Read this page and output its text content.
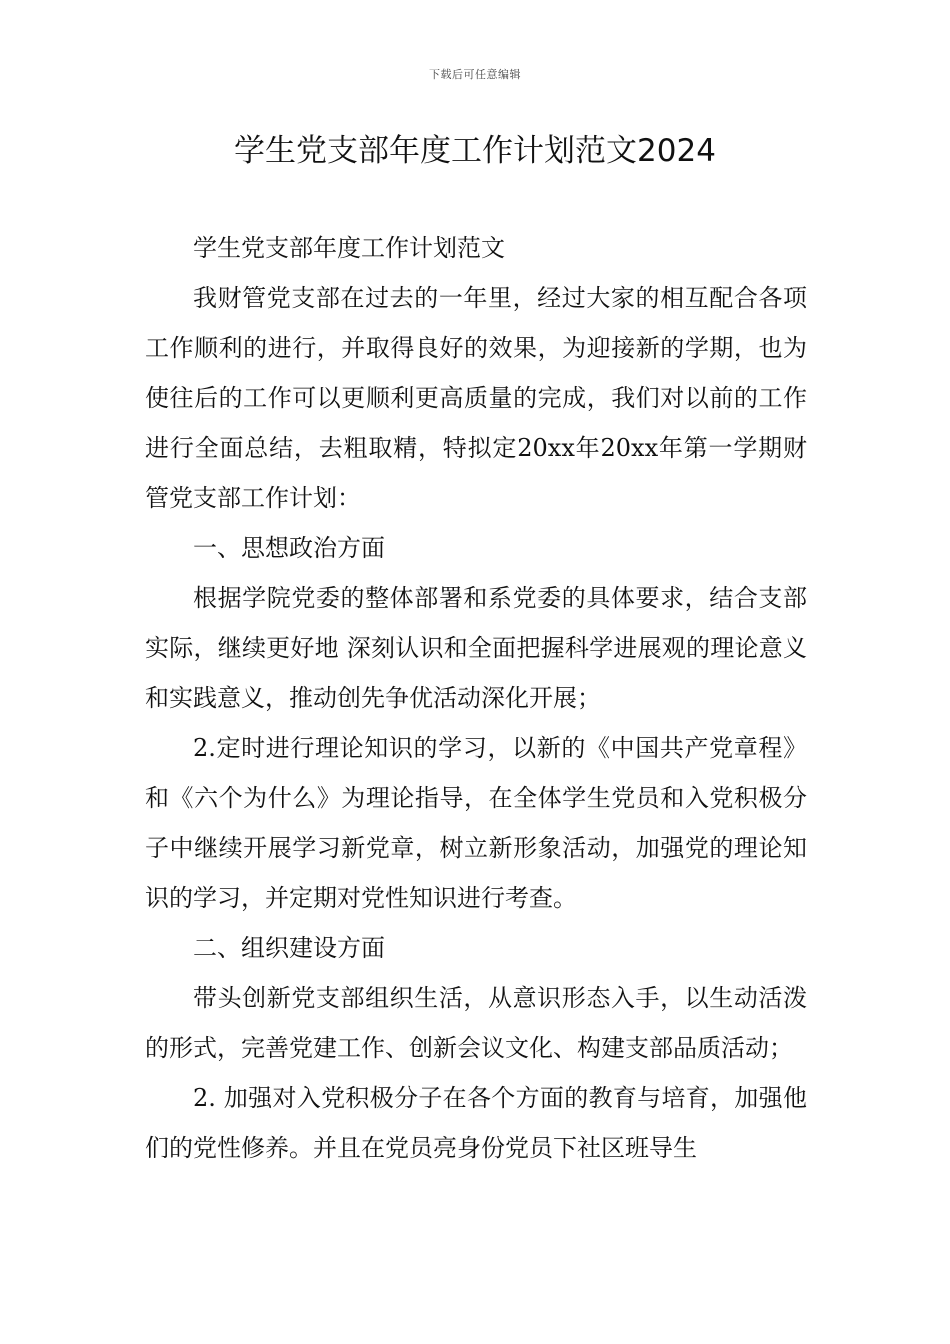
下载后可任意编辑
学生党支部年度工作计划范文2024

学生党支部年度工作计划范文

我财管党支部在过去的一年里，经过大家的相互配合各项工作顺利的进行，并取得良好的效果，为迎接新的学期，也为使往后的工作可以更顺利更高质量的完成，我们对以前的工作进行全面总结，去粗取精，特拟定20xx年20xx年第一学期财管党支部工作计划：

一、思想政治方面

根据学院党委的整体部署和系党委的具体要求，结合支部实际，继续更好地 深刻认识和全面把握科学进展观的理论意义和实践意义，推动创先争优活动深化开展；

2.定时进行理论知识的学习，以新的《中国共产党章程》和《六个为什么》为理论指导，在全体学生党员和入党积极分子中继续开展学习新党章，树立新形象活动，加强党的理论知识的学习，并定期对党性知识进行考查。

二、组织建设方面

带头创新党支部组织生活，从意识形态入手，以生动活泼的形式，完善党建工作、创新会议文化、构建支部品质活动；

2. 加强对入党积极分子在各个方面的教育与培育，加强他们的党性修养。并且在党员亮身份党员下社区班导生
